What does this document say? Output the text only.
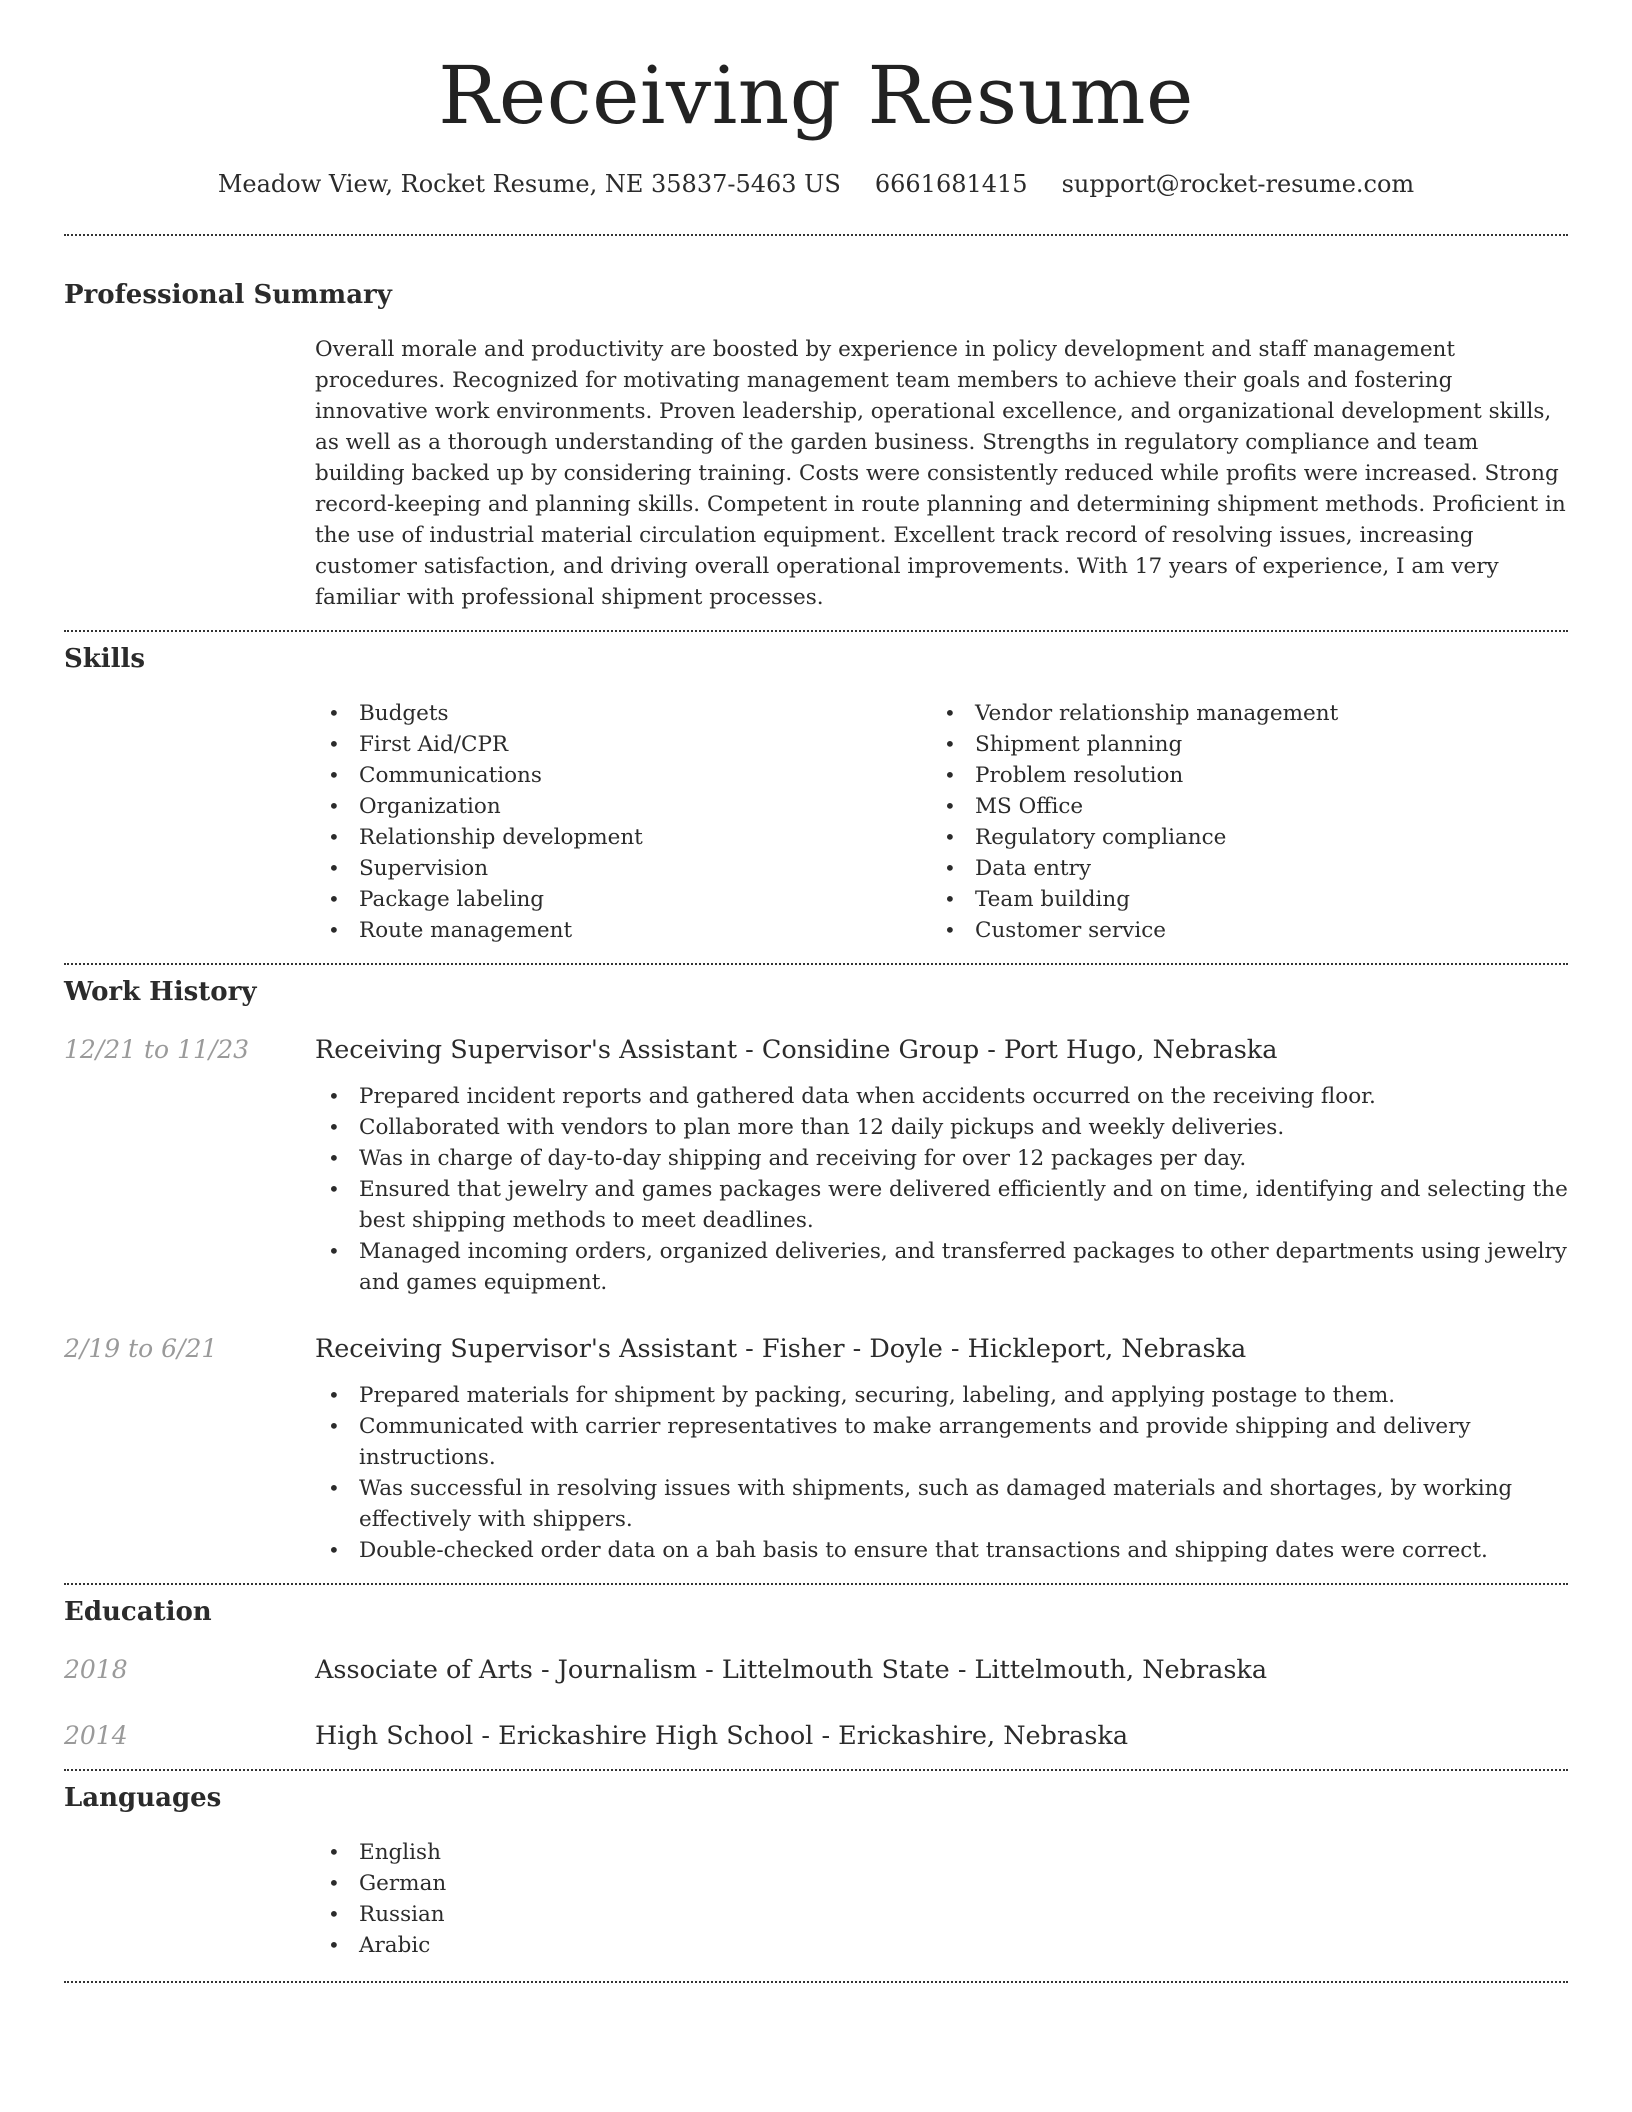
Receiving Resume
Meadow View, Rocket Resume, NE 35837-5463 US 6661681415 support@rocket-resume.com
Professional Summary

Overall morale and productivity are boosted by experience in policy development and staff management procedures. Recognized for motivating management team members to achieve their goals and fostering innovative work environments. Proven leadership, operational excellence, and organizational development skills, as well as a thorough understanding of the garden business. Strengths in regulatory compliance and team building backed up by considering training. Costs were consistently reduced while profits were increased. Strong record-keeping and planning skills. Competent in route planning and determining shipment methods. Proficient in the use of industrial material circulation equipment. Excellent track record of resolving issues, increasing customer satisfaction, and driving overall operational improvements. With 17 years of experience, I am very familiar with professional shipment processes.

Skills
• Budgets
• First Aid/CPR
• Communications
• Organization
• Relationship development
• Supervision
• Package labeling
• Route management
• Vendor relationship management
• Shipment planning
• Problem resolution
• MS Office
• Regulatory compliance
• Data entry
• Team building
• Customer service
Work History
12/21 to 11/23	Receiving Supervisor's Assistant - Considine Group - Port Hugo, Nebraska
• Prepared incident reports and gathered data when accidents occurred on the receiving floor.
• Collaborated with vendors to plan more than 12 daily pickups and weekly deliveries.
• Was in charge of day-to-day shipping and receiving for over 12 packages per day.
• Ensured that jewelry and games packages were delivered efficiently and on time, identifying and selecting the best shipping methods to meet deadlines.
• Managed incoming orders, organized deliveries, and transferred packages to other departments using jewelry and games equipment.
2/19 to 6/21	Receiving Supervisor's Assistant - Fisher - Doyle - Hickleport, Nebraska
• Prepared materials for shipment by packing, securing, labeling, and applying postage to them.
• Communicated with carrier representatives to make arrangements and provide shipping and delivery instructions.
• Was successful in resolving issues with shipments, such as damaged materials and shortages, by working effectively with shippers.
• Double-checked order data on a bah basis to ensure that transactions and shipping dates were correct.
Education
2018	Associate of Arts - Journalism - Littelmouth State - Littelmouth, Nebraska
2014	High School - Erickashire High School - Erickashire, Nebraska
Languages
• English
• German
• Russian
• Arabic
